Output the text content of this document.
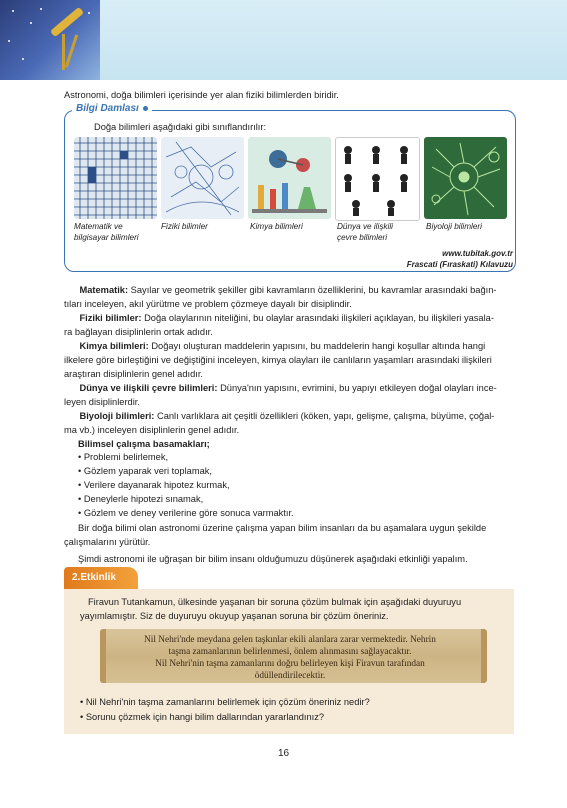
Astronomi, doğa bilimleri içerisinde yer alan fiziki bilimlerden biridir.
Bilgi Damlası
Doğa bilimleri aşağıdaki gibi sınıflandırılır:
Matematik ve
bilgisayar bilimleri
Fiziki bilimler	Kimya bilimleri	Dünya ve ilişkili
çevre bilimleri
Biyoloji bilimleri
www.tubitak.gov.tr
Frascati (Fıraskati) Kılavuzu
Matematik: Sayılar ve geometrik şekiller gibi kavramların özelliklerini, bu kavramlar arasındaki bağın-
tıları inceleyen, akıl yürütme ve problem çözmeye dayalı bir disiplindir.
Fiziki bilimler: Doğa olaylarının niteliğini, bu olaylar arasındaki ilişkileri açıklayan, bu ilişkileri yasala-
ra bağlayan disiplinlerin ortak adıdır.
Kimya bilimleri: Doğayı oluşturan maddelerin yapısını, bu maddelerin hangi koşullar altında hangi
ilkelere göre birleştiğini ve değiştiğini inceleyen, kimya olayları ile canlıların yaşamları arasındaki ilişkileri
araştıran disiplinlerin genel adıdır.
Dünya ve ilişkili çevre bilimleri: Dünya'nın yapısını, evrimini, bu yapıyı etkileyen doğal olayları ince-
leyen disiplinlerdir.
Biyoloji bilimleri: Canlı varlıklara ait çeşitli özellikleri (köken, yapı, gelişme, çalışma, büyüme, çoğal-
ma vb.) inceleyen disiplinlerin genel adıdır.
Bilimsel çalışma basamakları;
• Problemi belirlemek,
• Gözlem yaparak veri toplamak,
• Verilere dayanarak hipotez kurmak,
• Deneylerle hipotezi sınamak,
• Gözlem ve deney verilerine göre sonuca varmaktır.
Bir doğa bilimi olan astronomi üzerine çalışma yapan bilim insanları da bu aşamalara uygun şekilde
çalışmalarını yürütür.
Şimdi astronomi ile uğraşan bir bilim insanı olduğumuzu düşünerek aşağıdaki etkinliği yapalım.
2.Etkinlik
Firavun Tutankamun, ülkesinde yaşanan bir soruna çözüm bulmak için aşağıdaki duyuruyu
yayımlamıştır. Siz de duyuruyu okuyup yaşanan soruna bir çözüm öneriniz.
Nil Nehri'nde meydana gelen taşkınlar ekili alanlara zarar vermektedir. Nehrin
taşma zamanlarının belirlenmesi, önlem alınmasını sağlayacaktır.
Nil Nehri'nin taşma zamanlarını doğru belirleyen kişi Firavun tarafından
ödüllendirilecektir.
• Nil Nehri'nin taşma zamanlarını belirlemek için çözüm öneriniz nedir?
• Sorunu çözmek için hangi bilim dallarından yararlandınız?
16
